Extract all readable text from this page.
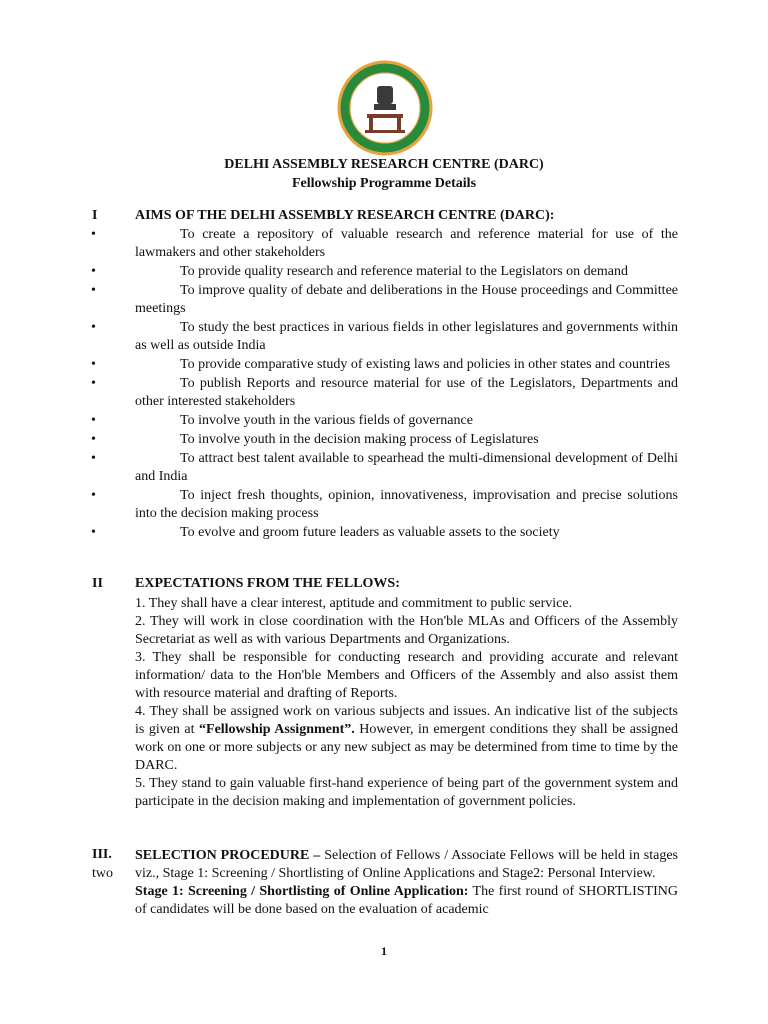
DELHI ASSEMBLY RESEARCH CENTRE (DARC)
Fellowship Programme Details
I	AIMS OF THE DELHI ASSEMBLY RESEARCH CENTRE (DARC):
•	To create a repository of valuable research and reference material for use of the lawmakers and other stakeholders
•	To provide quality research and reference material to the Legislators on demand
•	To improve quality of debate and deliberations in the House proceedings and Committee meetings
•	To study the best practices in various fields in other legislatures and governments within as well as outside India
•	To provide comparative study of existing laws and policies in other states and countries
•	To publish Reports and resource material for use of the Legislators, Departments and other interested stakeholders
•	To involve youth in the various fields of governance
•	To involve youth in the decision making process of Legislatures
•	To attract best talent available to spearhead the multi-dimensional development of Delhi and India
•	To inject fresh thoughts, opinion, innovativeness, improvisation and precise solutions into the decision making process
•	To evolve and groom future leaders as valuable assets to the society
II EXPECTATIONS FROM THE FELLOWS:

1. They shall have a clear interest, aptitude and commitment to public service.

2. They will work in close coordination with the Hon'ble MLAs and Officers of the Assembly Secretariat as well as with various Departments and Organizations.

3. They shall be responsible for conducting research and providing accurate and relevant information/ data to the Hon'ble Members and Officers of the Assembly and also assist them with resource material and drafting of Reports.

4. They shall be assigned work on various subjects and issues. An indicative list of the subjects is given at “Fellowship Assignment”. However, in emergent conditions they shall be assigned work on one or more subjects or any new subject as may be determined from time to time by the DARC.

5. They stand to gain valuable first-hand experience of being part of the government system and participate in the decision making and implementation of government policies.

III.
two

SELECTION PROCEDURE – Selection of Fellows / Associate Fellows will be held in stages viz., Stage 1: Screening / Shortlisting of Online Applications and Stage2: Personal Interview.

Stage 1: Screening / Shortlisting of Online Application: The first round of SHORTLISTING of candidates will be done based on the evaluation of academic

1
